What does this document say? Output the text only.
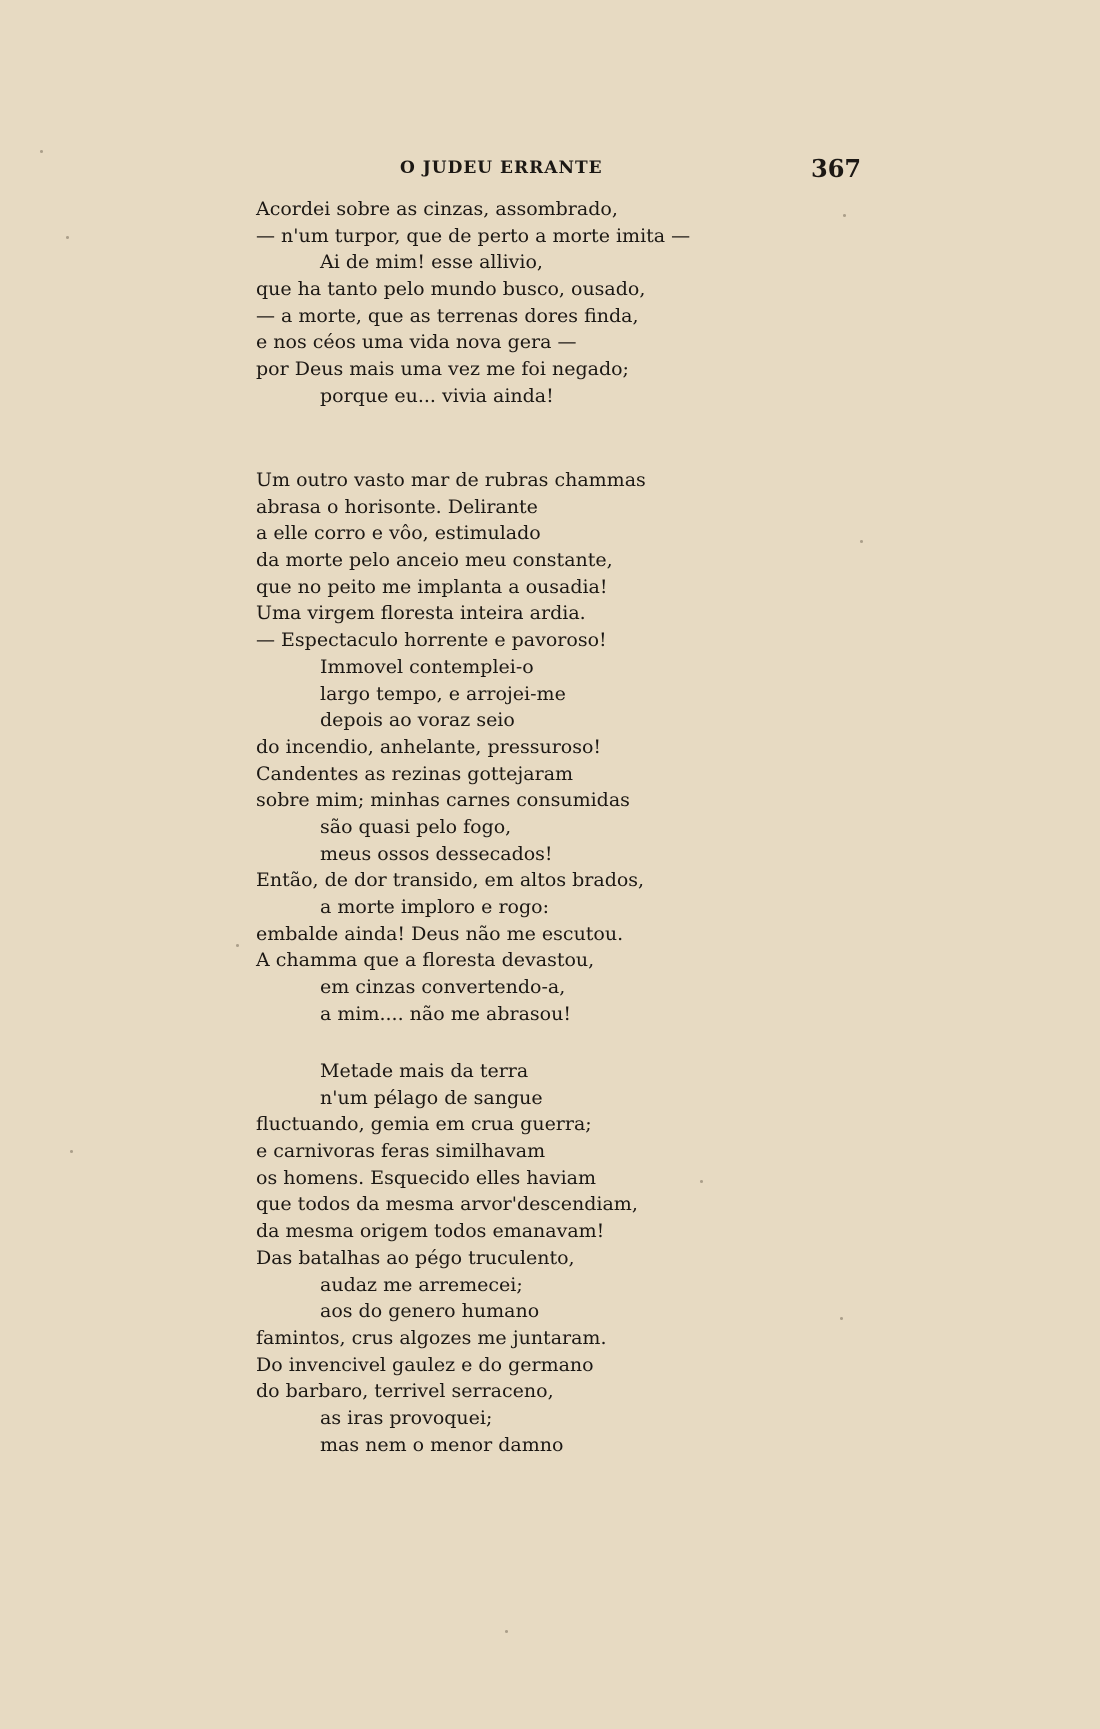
O JUDEU ERRANTE	367
Acordei sobre as cinzas, assombrado,
— n'um turpor, que de perto a morte imita —
Ai de mim! esse allivio,
que ha tanto pelo mundo busco, ousado,
— a morte, que as terrenas dores finda,
e nos céos uma vida nova gera —
por Deus mais uma vez me foi negado;
porque eu... vivia ainda!
Um outro vasto mar de rubras chammas
abrasa o horisonte. Delirante
a elle corro e vôo, estimulado
da morte pelo anceio meu constante,
que no peito me implanta a ousadia!
Uma virgem floresta inteira ardia.
— Espectaculo horrente e pavoroso!
Immovel contemplei-o
largo tempo, e arrojei-me
depois ao voraz seio
do incendio, anhelante, pressuroso!
Candentes as rezinas gottejaram
sobre mim; minhas carnes consumidas
são quasi pelo fogo,
meus ossos dessecados!
Então, de dor transido, em altos brados,
a morte imploro e rogo:
embalde ainda! Deus não me escutou.
A chamma que a floresta devastou,
em cinzas convertendo-a,
a mim.... não me abrasou!
Metade mais da terra
n'um pélago de sangue
fluctuando, gemia em crua guerra;
e carnivoras feras similhavam
os homens. Esquecido elles haviam
que todos da mesma arvor'descendiam,
da mesma origem todos emanavam!
Das batalhas ao pégo truculento,
audaz me arremecei;
aos do genero humano
famintos, crus algozes me juntaram.
Do invencivel gaulez e do germano
do barbaro, terrivel serraceno,
as iras provoquei;
mas nem o menor damno
